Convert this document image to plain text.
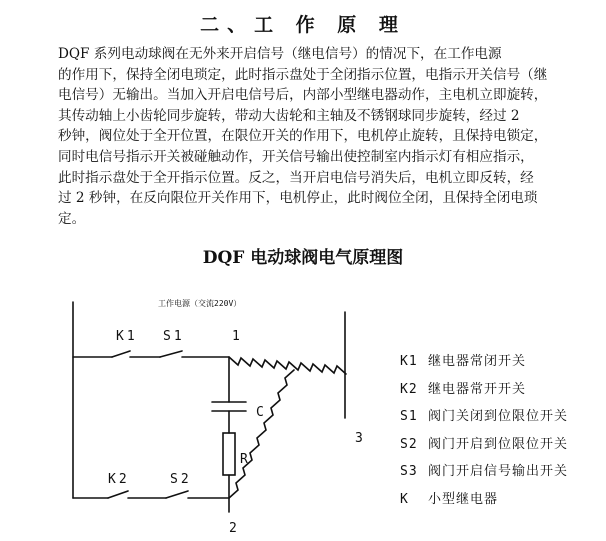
二、工 作 原 理
DQF 系列电动球阀在无外来开启信号（继电信号）的情况下，在工作电源
的作用下，保持全闭电琐定，此时指示盘处于全闭指示位置，电指示开关信号（继
电信号）无输出。当加入开启电信号后，内部小型继电器动作，主电机立即旋转，
其传动轴上小齿轮同步旋转，带动大齿轮和主轴及不锈钢球同步旋转，经过 2
秒钟，阀位处于全开位置，在限位开关的作用下，电机停止旋转，且保持电锁定，
同时电信号指示开关被碰触动作，开关信号输出使控制室内指示灯有相应指示，
此时指示盘处于全开指示位置。反之，当开启电信号消失后，电机立即反转，经
过 2 秒钟，在反向限位开关作用下，电机停止，此时阀位全闭，且保持全闭电琐
定。
DQF 电动球阀电气原理图
工作电源（交流220V）
K1 S1	1
C
R
3
K2	S2
2
K1 继电器常闭开关
K2 继电器常开开关
S1 阀门关闭到位限位开关
S2 阀门开启到位限位开关
S3 阀门开启信号输出开关
K 小型继电器
